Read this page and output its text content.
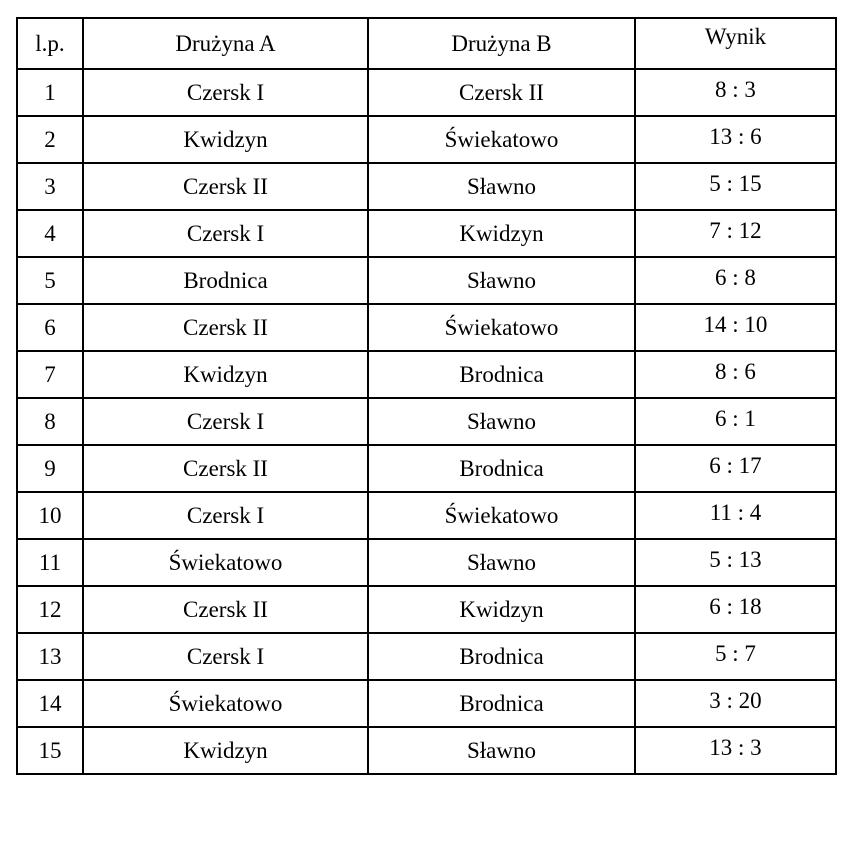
l.p.	Drużyna A	Drużyna B	Wynik
1	Czersk I	Czersk II	8 : 3
2	Kwidzyn	Świekatowo	13 : 6
3	Czersk II	Sławno	5 : 15
4	Czersk I	Kwidzyn	7 : 12
5	Brodnica	Sławno	6 : 8
6	Czersk II	Świekatowo	14 : 10
7	Kwidzyn	Brodnica	8 : 6
8	Czersk I	Sławno	6 : 1
9	Czersk II	Brodnica	6 : 17
10	Czersk I	Świekatowo	11 : 4
11	Świekatowo	Sławno	5 : 13
12	Czersk II	Kwidzyn	6 : 18
13	Czersk I	Brodnica	5 : 7
14	Świekatowo	Brodnica	3 : 20
15	Kwidzyn	Sławno	13 : 3
